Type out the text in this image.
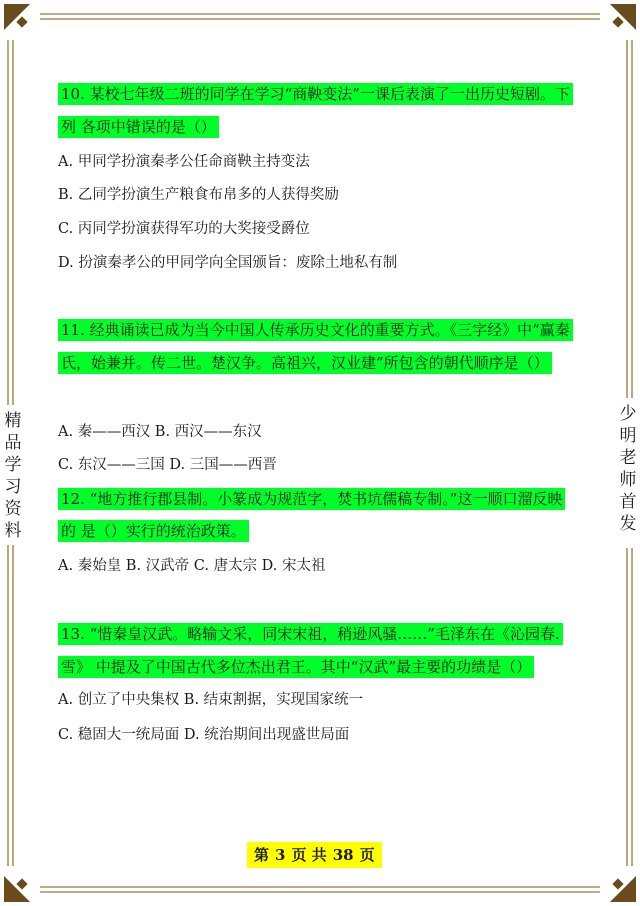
精
品
学
习
资
料
少
明
老
师
首
发
10. 某校七年级二班的同学在学习“商鞅变法”一课后表演了一出历史短剧。下
列 各项中错误的是（）
A. 甲同学扮演秦孝公任命商鞅主持变法
B. 乙同学扮演生产粮食布帛多的人获得奖励
C. 丙同学扮演获得军功的大奖接受爵位
D. 扮演秦孝公的甲同学向全国颁旨：废除土地私有制
11. 经典诵读已成为当今中国人传承历史文化的重要方式。《三字经》中“赢秦
氏，始兼并。传二世。楚汉争。高祖兴，汉业建”所包含的朝代顺序是（）
A. 秦——西汉 B. 西汉——东汉
C. 东汉——三国 D. 三国——西晋
12. “地方推行郡县制。小篆成为规范字，焚书坑儒稿专制。”这一顺口溜反映
的 是（）实行的统治政策。
A. 秦始皇 B. 汉武帝 C. 唐太宗 D. 宋太祖
13. “惜秦皇汉武。略输文采，同宋宋祖，稍逊风骚……”毛泽东在《沁园春.
雪》 中提及了中国古代多位杰出君王。其中“汉武”最主要的功绩是（）
A. 创立了中央集权 B. 结束割据，实现国家统一
C. 稳固大一统局面 D. 统治期间出现盛世局面
第 3 页 共 38 页
